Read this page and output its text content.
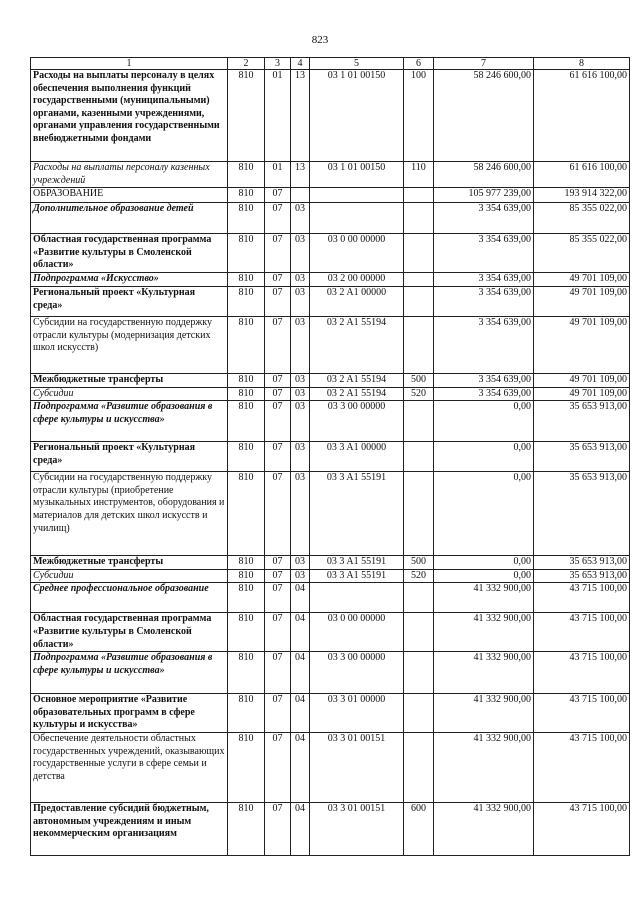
823
1	2	3	4	5	6	7	8
Расходы на выплаты персоналу в целях обеспечения выполнения функций государственными (муниципальными) органами, казенными учреждениями, органами управления государственными внебюджетными фондами	810	01	13	03 1 01 00150	100	58 246 600,00	61 616 100,00
Расходы на выплаты персоналу казенных учреждений	810	01	13	03 1 01 00150	110	58 246 600,00	61 616 100,00
ОБРАЗОВАНИЕ	810	07				105 977 239,00	193 914 322,00
Дополнительное образование детей	810	07	03			3 354 639,00	85 355 022,00
Областная государственная программа «Развитие культуры в Смоленской области»	810	07	03	03 0 00 00000		3 354 639,00	85 355 022,00
Подпрограмма «Искусство»	810	07	03	03 2 00 00000		3 354 639,00	49 701 109,00
Региональный проект «Культурная среда»	810	07	03	03 2 A1 00000		3 354 639,00	49 701 109,00
Субсидии на государственную поддержку отрасли культуры (модернизация детских школ искусств)	810	07	03	03 2 A1 55194		3 354 639,00	49 701 109,00
Межбюджетные трансферты	810	07	03	03 2 A1 55194	500	3 354 639,00	49 701 109,00
Субсидии	810	07	03	03 2 A1 55194	520	3 354 639,00	49 701 109,00
Подпрограмма «Развитие образования в сфере культуры и искусства»	810	07	03	03 3 00 00000		0,00	35 653 913,00
Региональный проект «Культурная среда»	810	07	03	03 3 A1 00000		0,00	35 653 913,00
Субсидии на государственную поддержку отрасли культуры (приобретение музыкальных инструментов, оборудования и материалов для детских школ искусств и училищ)	810	07	03	03 3 A1 55191		0,00	35 653 913,00
Межбюджетные трансферты	810	07	03	03 3 A1 55191	500	0,00	35 653 913,00
Субсидии	810	07	03	03 3 A1 55191	520	0,00	35 653 913,00
Среднее профессиональное образование	810	07	04			41 332 900,00	43 715 100,00
Областная государственная программа «Развитие культуры в Смоленской области»	810	07	04	03 0 00 00000		41 332 900,00	43 715 100,00
Подпрограмма «Развитие образования в сфере культуры и искусства»	810	07	04	03 3 00 00000		41 332 900,00	43 715 100,00
Основное мероприятие «Развитие образовательных программ в сфере культуры и искусства»	810	07	04	03 3 01 00000		41 332 900,00	43 715 100,00
Обеспечение деятельности областных государственных учреждений, оказывающих государственные услуги в сфере семьи и детства	810	07	04	03 3 01 00151		41 332 900,00	43 715 100,00
Предоставление субсидий бюджетным, автономным учреждениям и иным некоммерческим организациям	810	07	04	03 3 01 00151	600	41 332 900,00	43 715 100,00
